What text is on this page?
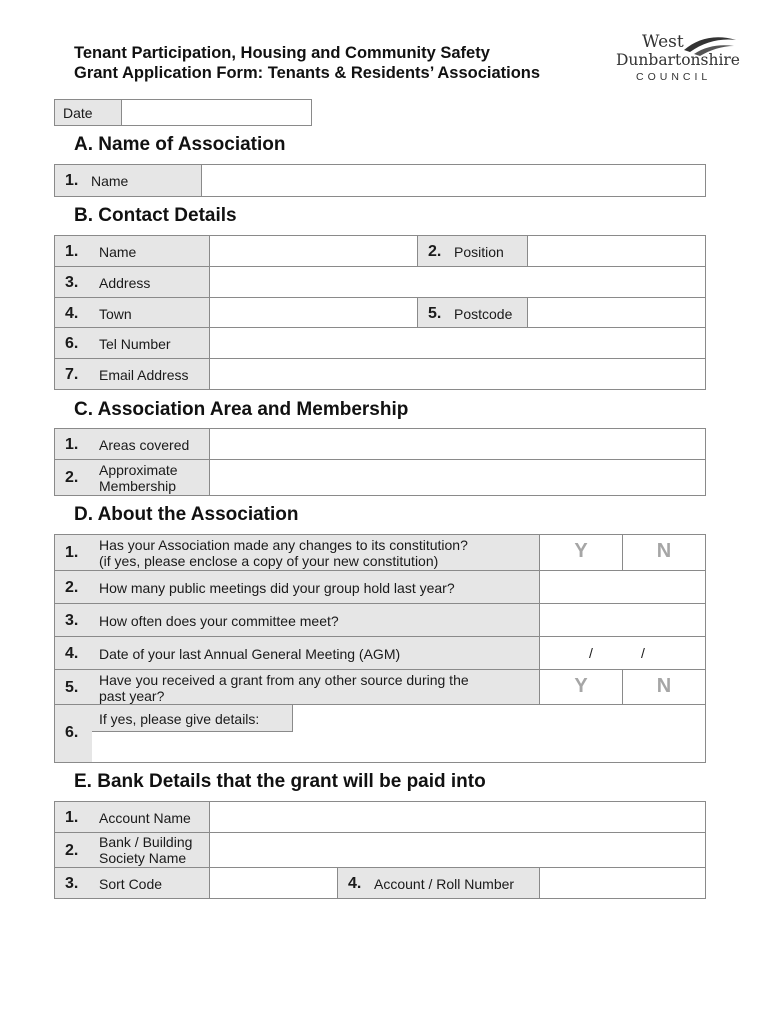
Tenant Participation, Housing and Community Safety
Grant Application Form: Tenants & Residents’ Associations
West
Dunbartonshire
COUNCIL
Date
A. Name of Association
1. Name
B. Contact Details
1. Name	2. Position
3. Address
4. Town	5. Postcode
6. Tel Number
7. Email Address
C. Association Area and Membership
1. Areas covered
2. Approximate
Membership
D. About the Association
1. Has your Association made any changes to its constitution?
(if yes, please enclose a copy of your new constitution)	Y	N
2. How many public meetings did your group hold last year?
3. How often does your committee meet?
4. Date of your last Annual General Meeting (AGM)	/	/
5. Have you received a grant from any other source during the
past year?	Y	N
6.
If yes, please give details:
E. Bank Details that the grant will be paid into
1. Account Name
2. Bank / Building
Society Name
3. Sort Code	4. Account / Roll Number
